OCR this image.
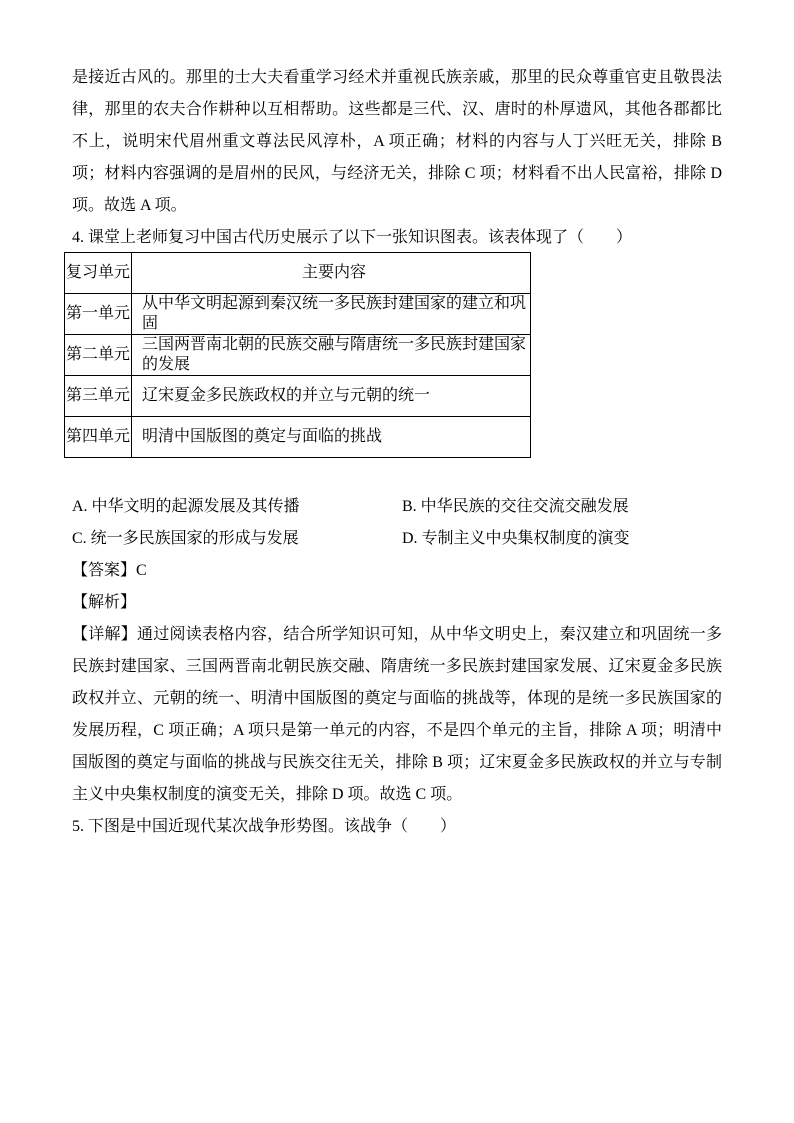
是接近古风的。那里的士大夫看重学习经术并重视氏族亲戚，那里的民众尊重官吏且敬畏法律，那里的农夫合作耕种以互相帮助。这些都是三代、汉、唐时的朴厚遗风，其他各郡都比不上，说明宋代眉州重文尊法民风淳朴，A 项正确；材料的内容与人丁兴旺无关，排除 B 项；材料内容强调的是眉州的民风，与经济无关，排除 C 项；材料看不出人民富裕，排除 D 项。故选 A 项。

4. 课堂上老师复习中国古代历史展示了以下一张知识图表。该表体现了（　　）

复习单元	主要内容
第一单元	从中华文明起源到秦汉统一多民族封建国家的建立和巩固
第二单元	三国两晋南北朝的民族交融与隋唐统一多民族封建国家的发展
第三单元	辽宋夏金多民族政权的并立与元朝的统一
第四单元	明清中国版图的奠定与面临的挑战
A. 中华文明的起源发展及其传播	B. 中华民族的交往交流交融发展
C. 统一多民族国家的形成与发展	D. 专制主义中央集权制度的演变

【答案】C

【解析】

【详解】通过阅读表格内容，结合所学知识可知，从中华文明史上，秦汉建立和巩固统一多民族封建国家、三国两晋南北朝民族交融、隋唐统一多民族封建国家发展、辽宋夏金多民族政权并立、元朝的统一、明清中国版图的奠定与面临的挑战等，体现的是统一多民族国家的发展历程，C 项正确；A 项只是第一单元的内容，不是四个单元的主旨，排除 A 项；明清中国版图的奠定与面临的挑战与民族交往无关，排除 B 项；辽宋夏金多民族政权的并立与专制主义中央集权制度的演变无关，排除 D 项。故选 C 项。

5. 下图是中国近现代某次战争形势图。该战争（　　）
